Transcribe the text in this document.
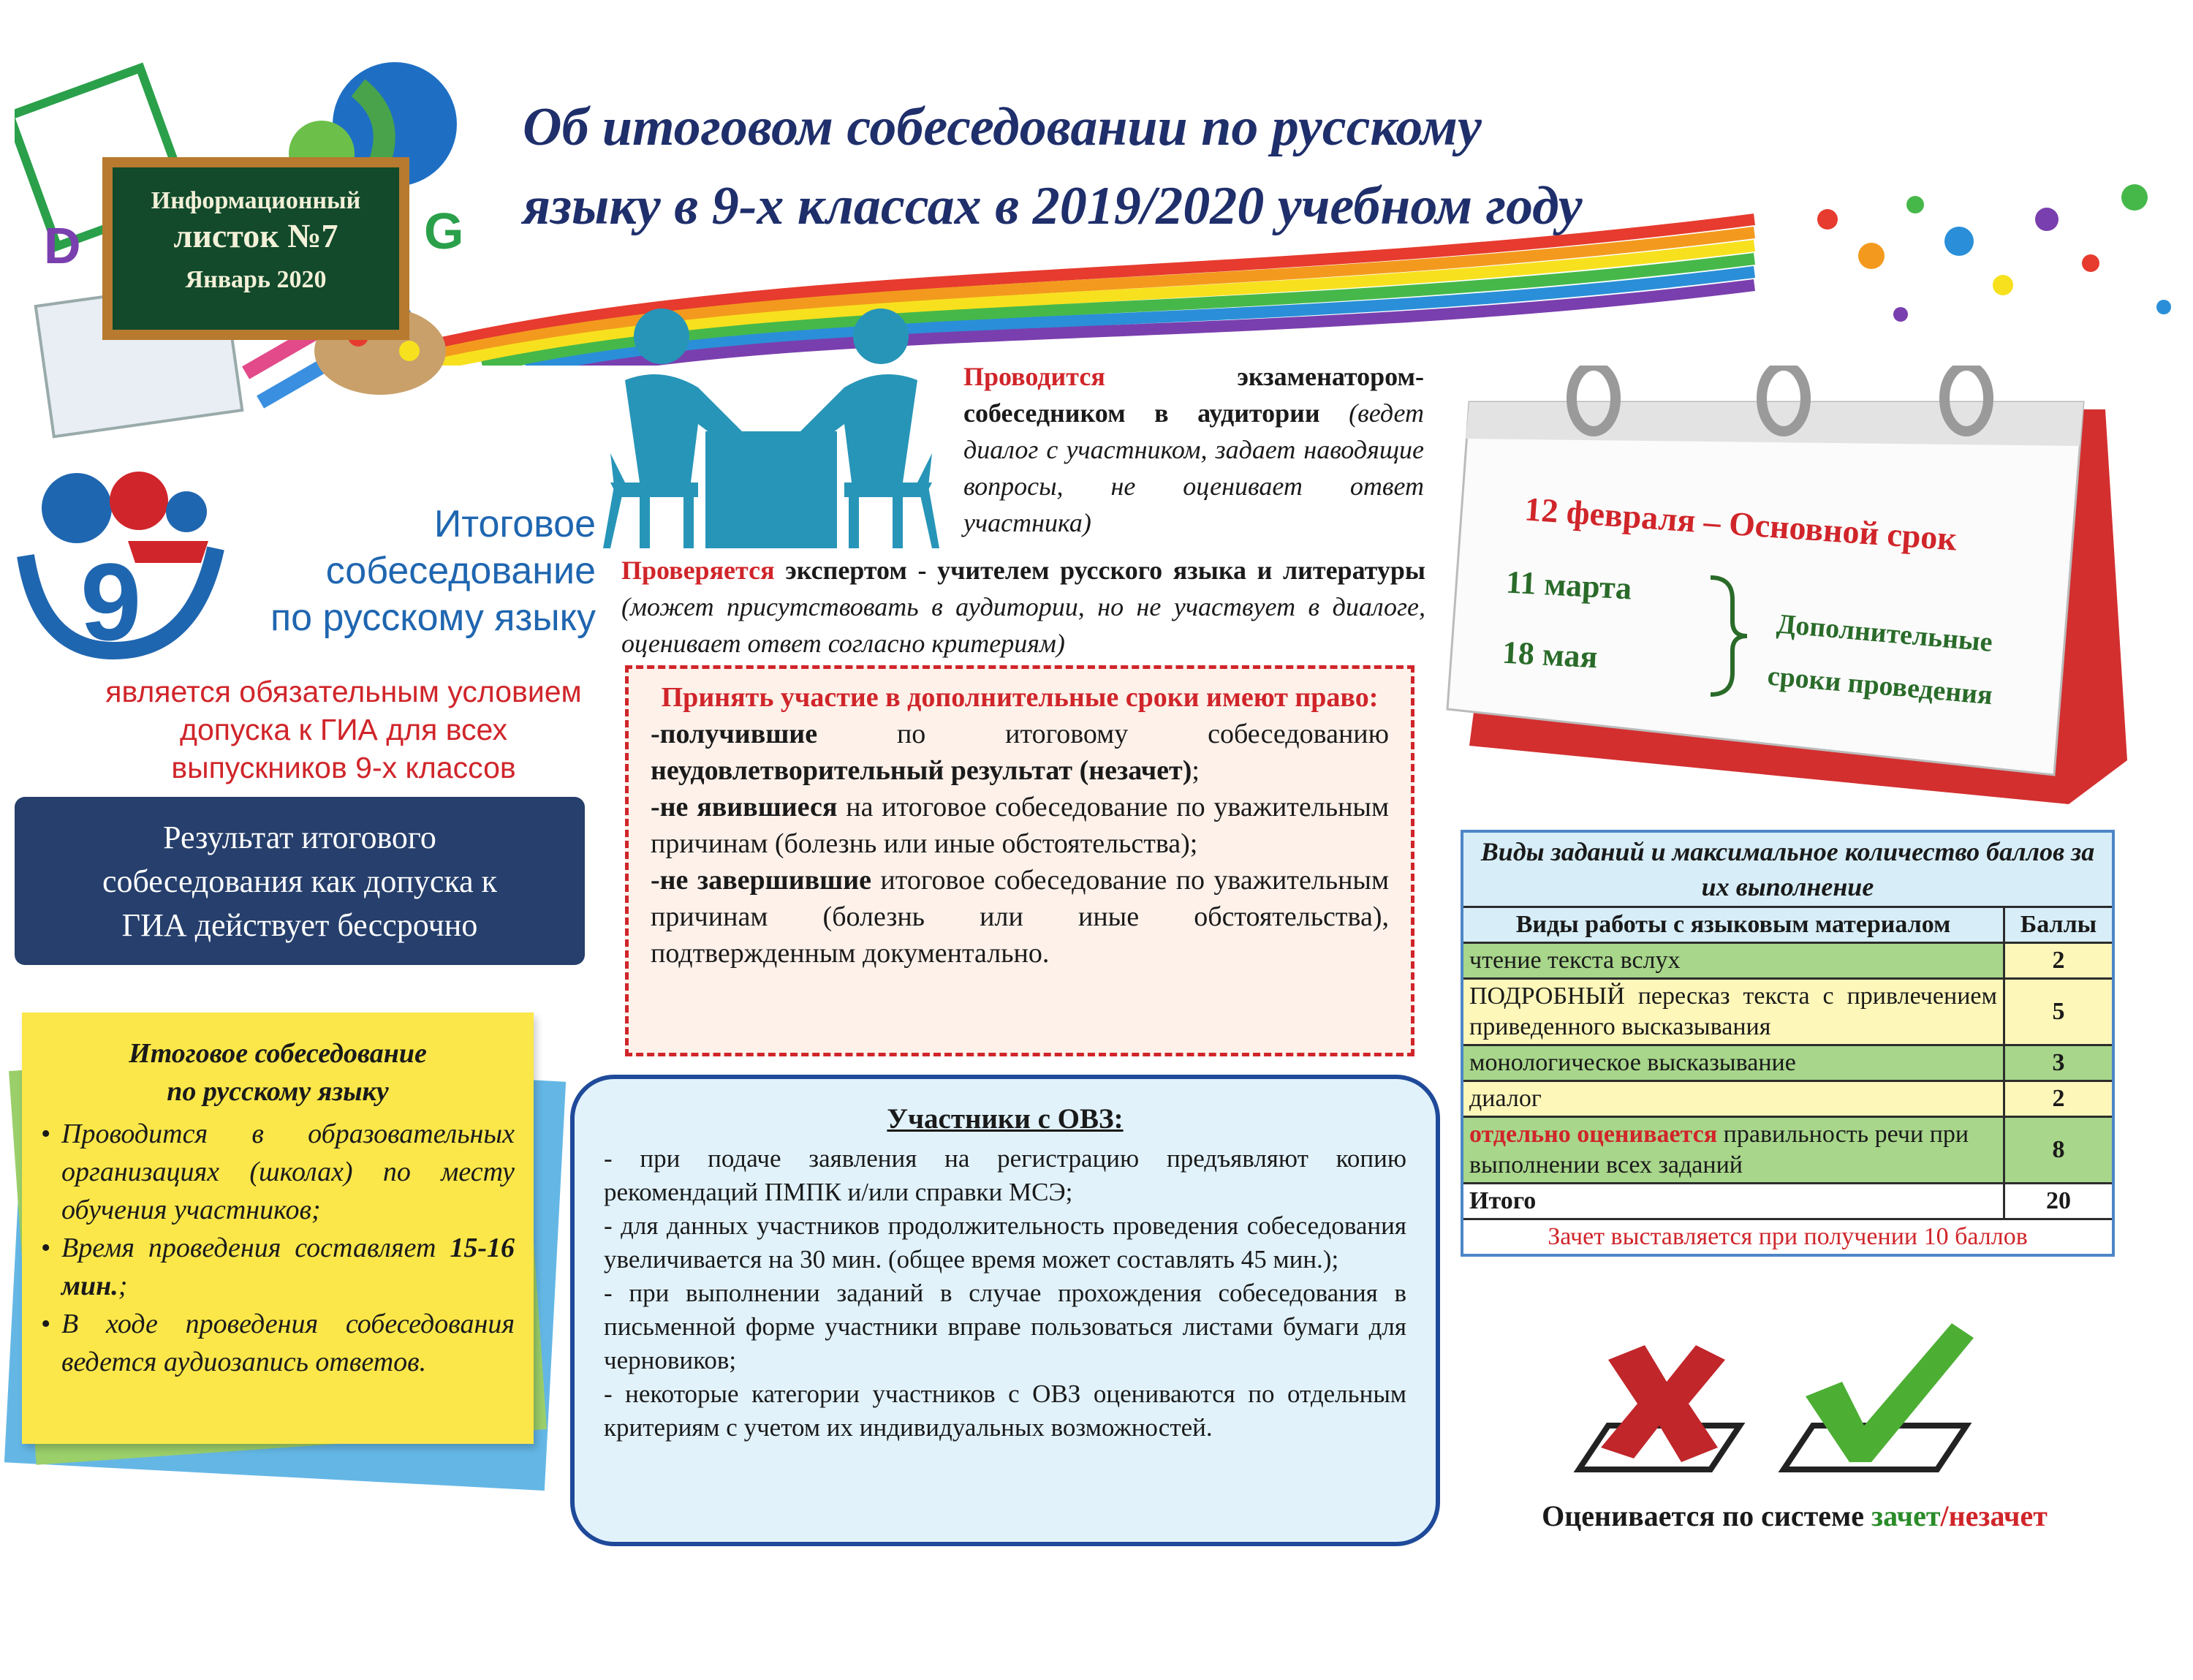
D	G
Информационный
листок №7
Январь 2020
Об итоговом собеседовании по русскому
языку в 9-х классах в 2019/2020 учебном году
9
Итоговое
собеседование
по русскому языку
является обязательным условием
допуска к ГИА для всех
выпускников 9-х классов
Результат итогового
собеседования как допуска к
ГИА действует бессрочно
Итоговое собеседование
по русскому языку
• Проводится в образовательных организациях (школах) по месту обучения участников;
• Время проведения составляет 15-16 мин.;
• В ходе проведения собеседования ведется аудиозапись ответов.
Проводится	экзаменатором-собеседником в аудитории (ведет диалог с участником, задает наводящие вопросы, не оценивает ответ участника)
Проверяется экспертом - учителем русского языка и литературы (может присутствовать в аудитории, но не участвует в диалоге, оценивает ответ согласно критериям)
Принять участие в дополнительные сроки имеют право:
-получившие	по итоговому собеседованию неудовлетворительный результат (незачет);
-не явившиеся на итоговое собеседование по уважительным причинам (болезнь или иные обстоятельства);
-не завершившие итоговое собеседование по уважительным причинам (болезнь или иные обстоятельства), подтвержденным документально.
Участники с ОВЗ:
- при подаче заявления на регистрацию предъявляют копию рекомендаций ПМПК и/или справки МСЭ;
- для данных участников продолжительность проведения собеседования увеличивается на 30 мин. (общее время может составлять 45 мин.);
- при выполнении заданий в случае прохождения собеседования в письменной форме участники вправе пользоваться листами бумаги для черновиков;
- некоторые категории участников с ОВЗ оцениваются по отдельным критериям с учетом их индивидуальных возможностей.
12 февраля – Основной срок
11 марта
18 мая	Дополнительные
сроки проведения
Виды заданий и максимальное количество баллов за их выполнение	
Виды работы с языковым материалом	Баллы
чтение текста вслух	2
ПОДРОБНЫЙ пересказ текста с привлечением приведенного высказывания	5
монологическое высказывание	3
диалог	2
отдельно оценивается правильность речи при выполнении всех заданий	8
Итого	20
Зачет выставляется при получении 10 баллов	
Оценивается по системе зачет/незачет
